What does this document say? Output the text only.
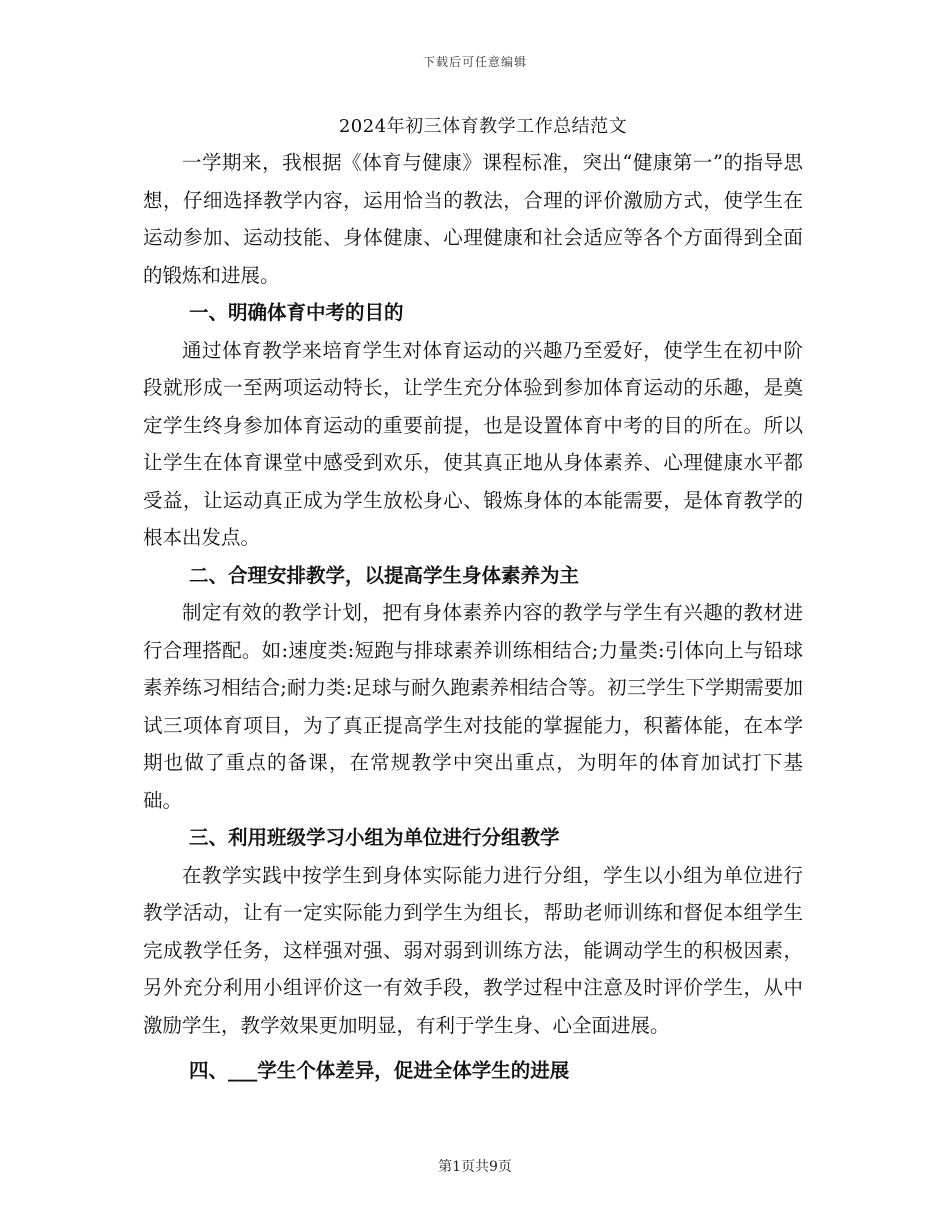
下载后可任意编辑
2024年初三体育教学工作总结范文

一学期来，我根据《体育与健康》课程标准，突出“健康第一”的指导思想，仔细选择教学内容，运用恰当的教法，合理的评价激励方式，使学生在运动参加、运动技能、身体健康、心理健康和社会适应等各个方面得到全面的锻炼和进展。

一、明确体育中考的目的

通过体育教学来培育学生对体育运动的兴趣乃至爱好，使学生在初中阶段就形成一至两项运动特长，让学生充分体验到参加体育运动的乐趣，是奠定学生终身参加体育运动的重要前提，也是设置体育中考的目的所在。所以让学生在体育课堂中感受到欢乐，使其真正地从身体素养、心理健康水平都受益，让运动真正成为学生放松身心、锻炼身体的本能需要，是体育教学的根本出发点。

二、合理安排教学，以提高学生身体素养为主

制定有效的教学计划，把有身体素养内容的教学与学生有兴趣的教材进行合理搭配。如:速度类:短跑与排球素养训练相结合;力量类:引体向上与铅球素养练习相结合;耐力类:足球与耐久跑素养相结合等。初三学生下学期需要加试三项体育项目，为了真正提高学生对技能的掌握能力，积蓄体能，在本学期也做了重点的备课，在常规教学中突出重点，为明年的体育加试打下基础。

三、利用班级学习小组为单位进行分组教学

在教学实践中按学生到身体实际能力进行分组，学生以小组为单位进行教学活动，让有一定实际能力到学生为组长，帮助老师训练和督促本组学生完成教学任务，这样强对强、弱对弱到训练方法，能调动学生的积极因素，另外充分利用小组评价这一有效手段，教学过程中注意及时评价学生，从中激励学生，教学效果更加明显，有利于学生身、心全面进展。

四、___学生个体差异，促进全体学生的进展
第1页共9页
